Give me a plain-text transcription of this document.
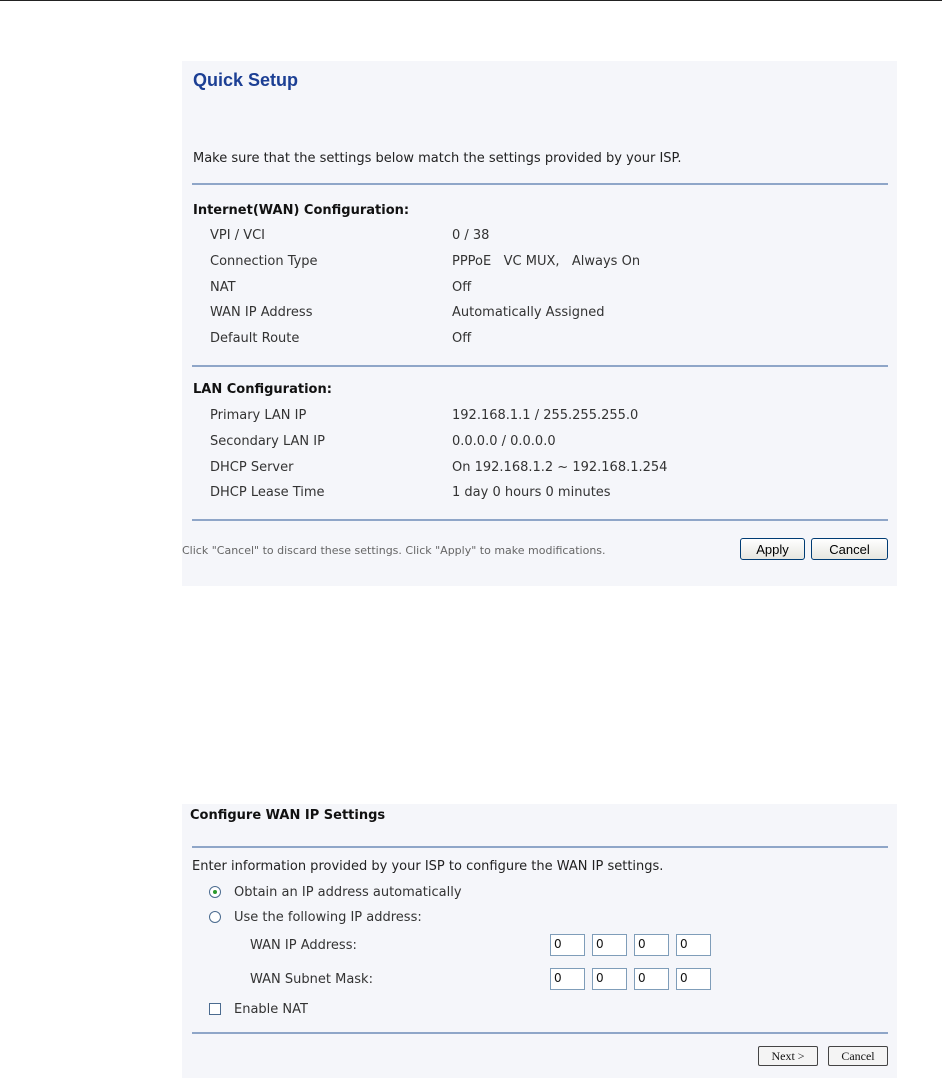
Quick Setup
Make sure that the settings below match the settings provided by your ISP.
Internet(WAN) Configuration:
VPI / VCI	0 / 38
Connection Type	PPPoE   VC MUX,   Always On
NAT	Off
WAN IP Address	Automatically Assigned
Default Route	Off
LAN Configuration:
Primary LAN IP	192.168.1.1 / 255.255.255.0
Secondary LAN IP	0.0.0.0 / 0.0.0.0
DHCP Server	On 192.168.1.2 ~ 192.168.1.254
DHCP Lease Time	1 day 0 hours 0 minutes
Click "Cancel" to discard these settings. Click "Apply" to make modifications.	Apply	Cancel
Configure WAN IP Settings
Enter information provided by your ISP to configure the WAN IP settings.
Obtain an IP address automatically
Use the following IP address:
WAN IP Address:	0	0	0	0
WAN Subnet Mask:	0	0	0	0
Enable NAT
Next >	Cancel
